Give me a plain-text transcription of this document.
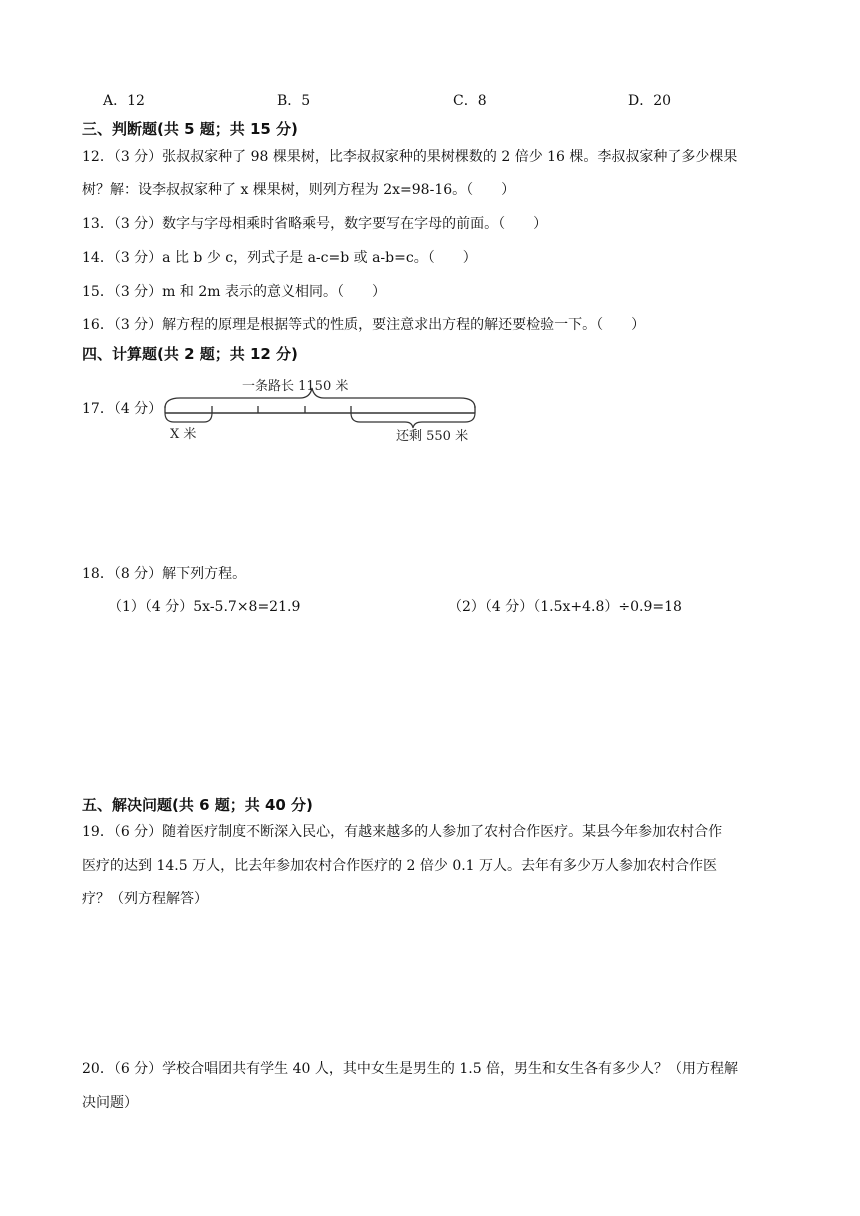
A．12	B．5	C．8	D．20
三、判断题(共 5 题；共 15 分)
12．（3 分）张叔叔家种了 98 棵果树，比李叔叔家种的果树棵数的 2 倍少 16 棵。李叔叔家种了多少棵果
树？解：设李叔叔家种了 x 棵果树，则列方程为 2x=98-16。（　　）
13．（3 分）数字与字母相乘时省略乘号，数字要写在字母的前面。（　　）
14．（3 分）a 比 b 少 c，列式子是 a-c=b 或 a-b=c。（　　）
15．（3 分）m 和 2m 表示的意义相同。（　　）
16．（3 分）解方程的原理是根据等式的性质，要注意求出方程的解还要检验一下。（　　）
四、计算题(共 2 题；共 12 分)
17．（4 分）
一条路长 1150 米
X 米	还剩 550 米
18．（8 分）解下列方程。
（1）（4 分）5x-5.7×8=21.9	（2）（4 分）（1.5x+4.8）÷0.9=18
五、解决问题(共 6 题；共 40 分)
19．（6 分）随着医疗制度不断深入民心，有越来越多的人参加了农村合作医疗。某县今年参加农村合作
医疗的达到 14.5 万人，比去年参加农村合作医疗的 2 倍少 0.1 万人。去年有多少万人参加农村合作医
疗？（列方程解答）
20．（6 分）学校合唱团共有学生 40 人，其中女生是男生的 1.5 倍，男生和女生各有多少人？（用方程解
决问题）
